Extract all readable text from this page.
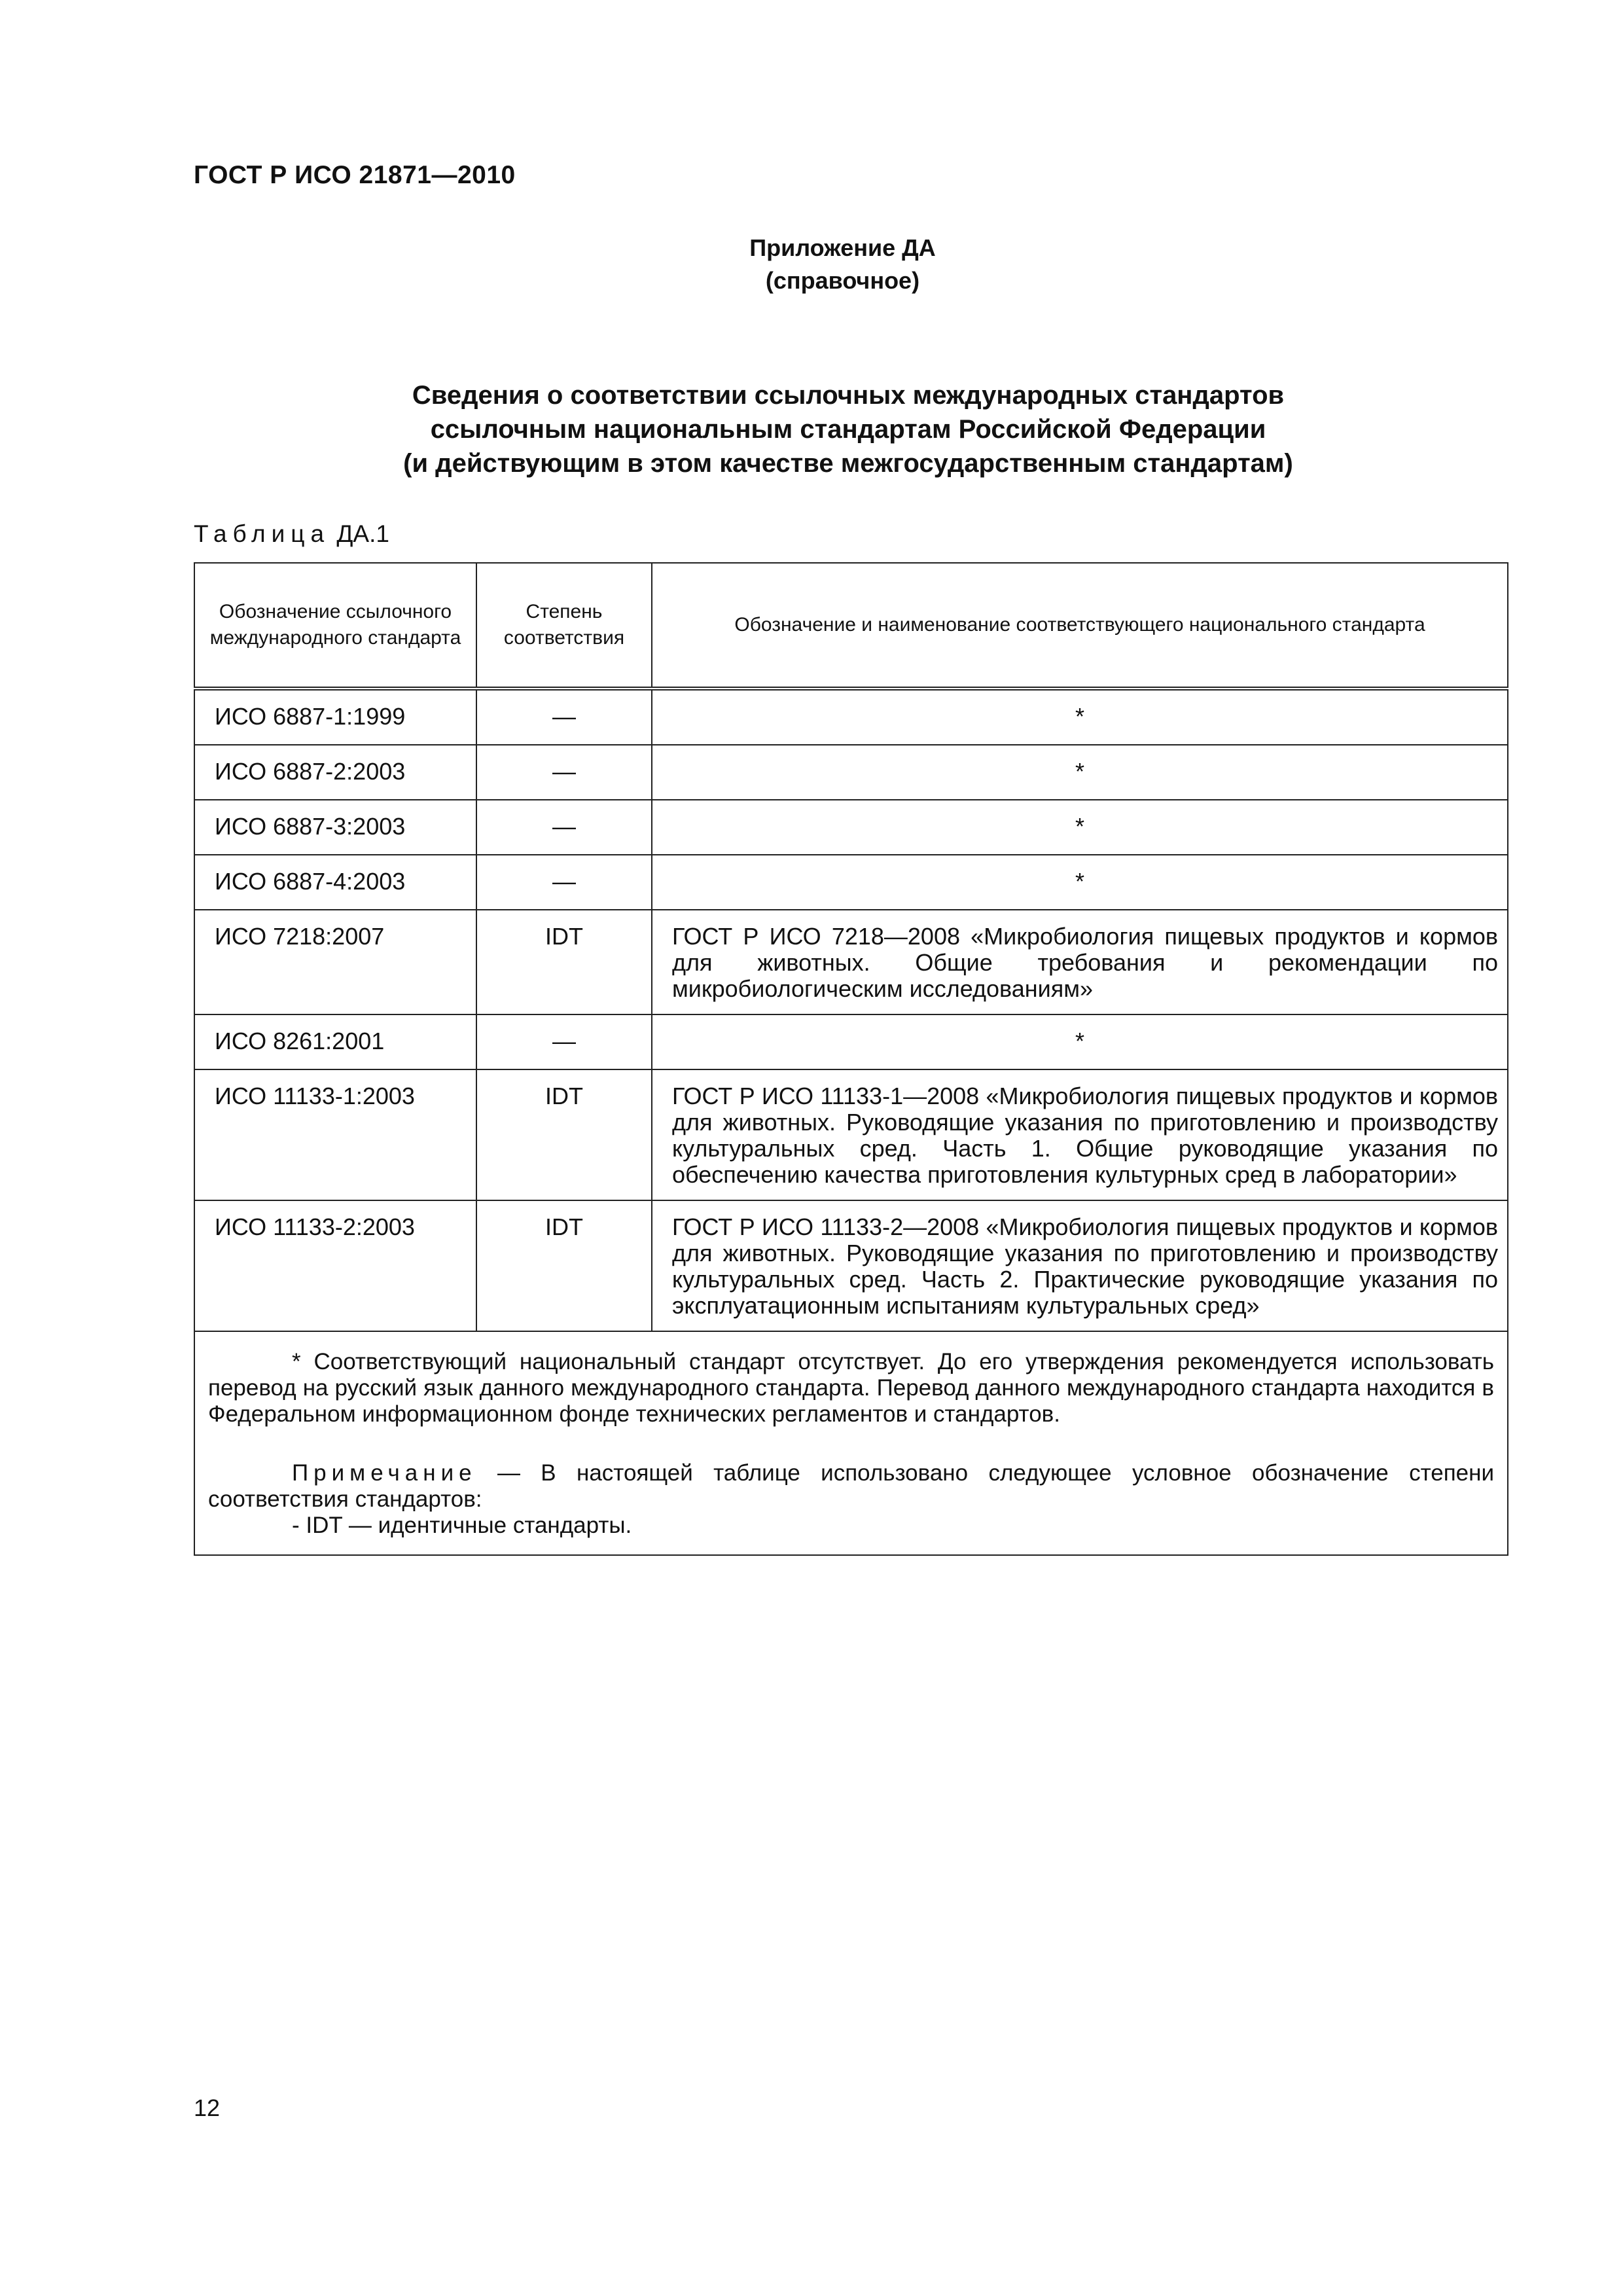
ГОСТ Р ИСО 21871—2010
Приложение ДА
(справочное)
Сведения о соответствии ссылочных международных стандартов
ссылочным национальным стандартам Российской Федерации
(и действующим в этом качестве межгосударственным стандартам)
Таблица ДА.1
Обозначение ссылочного международного стандарта	Степень соответствия	Обозначение и наименование соответствующего национального стандарта
ИСО 6887-1:1999	—	*
ИСО 6887-2:2003	—	*
ИСО 6887-3:2003	—	*
ИСО 6887-4:2003	—	*
ИСО 7218:2007	IDT	ГОСТ Р ИСО 7218—2008 «Микробиология пищевых продуктов и кормов для животных. Общие требования и рекомендации по микробиологическим исследованиям»
ИСО 8261:2001	—	*
ИСО 11133-1:2003	IDT	ГОСТ Р ИСО 11133-1—2008 «Микробиология пищевых продуктов и кормов для животных. Руководящие указания по приготовлению и производству культуральных сред. Часть 1. Общие руководящие указания по обеспечению качества приготовления культурных сред в лаборатории»
ИСО 11133-2:2003	IDT	ГОСТ Р ИСО 11133-2—2008 «Микробиология пищевых продуктов и кормов для животных. Руководящие указания по приготовлению и производству культуральных сред. Часть 2. Практические руководящие указания по эксплуатационным испытаниям культуральных сред»

* Соответствующий национальный стандарт отсутствует. До его утверждения рекомендуется использовать перевод на русский язык данного международного стандарта. Перевод данного международного стандарта находится в Федеральном информационном фонде технических регламентов и стандартов.

Примечание — В настоящей таблице использовано следующее условное обозначение степени соответствия стандартов:

- IDT — идентичные стандарты.		

12
